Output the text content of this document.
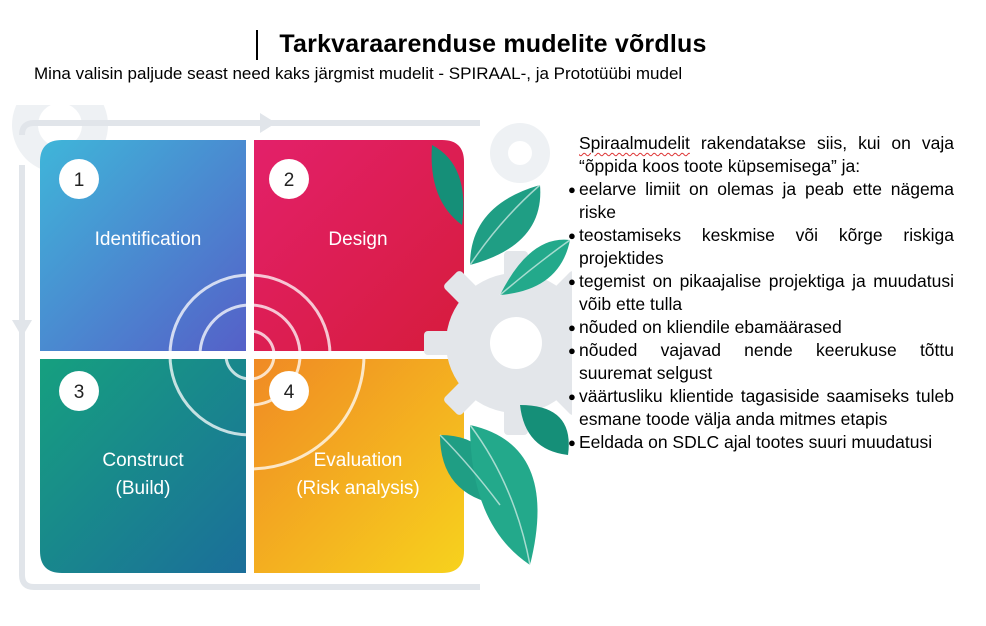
Tarkvaraarenduse mudelite võrdlus
Mina valisin paljude seast need kaks järgmist mudelit - SPIRAAL-, ja Prototüübi mudel
1	2
3	4
Identification	Design
Construct
(Build)
Evaluation
(Risk analysis)
Spiraalmudelit rakendatakse siis, kui on vaja “õppida koos toote küpsemisega” ja:
● eelarve limiit on olemas ja peab ette nägema riske
● teostamiseks keskmise või kõrge riskiga projektides
● tegemist on pikaajalise projektiga ja muudatusi võib ette tulla
● nõuded on kliendile ebamäärased
● nõuded vajavad nende keerukuse tõttu suuremat selgust
● väärtusliku klientide tagasiside saamiseks tuleb esmane toode välja anda mitmes etapis
● Eeldada on SDLC ajal tootes suuri muudatusi
